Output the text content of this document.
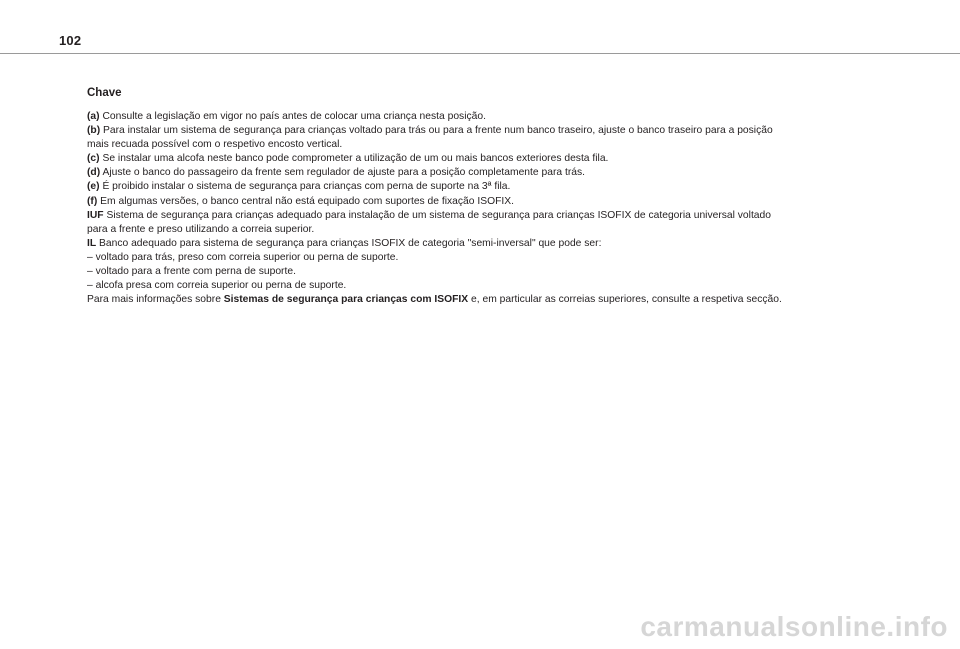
102
Chave
(a) Consulte a legislação em vigor no país antes de colocar uma criança nesta posição.
(b) Para instalar um sistema de segurança para crianças voltado para trás ou para a frente num banco traseiro, ajuste o banco traseiro para a posição
mais recuada possível com o respetivo encosto vertical.
(c) Se instalar uma alcofa neste banco pode comprometer a utilização de um ou mais bancos exteriores desta fila.
(d) Ajuste o banco do passageiro da frente sem regulador de ajuste para a posição completamente para trás.
(e) É proibido instalar o sistema de segurança para crianças com perna de suporte na 3ª fila.
(f) Em algumas versões, o banco central não está equipado com suportes de fixação ISOFIX.
IUF Sistema de segurança para crianças adequado para instalação de um sistema de segurança para crianças ISOFIX de categoria universal voltado
para a frente e preso utilizando a correia superior.
IL Banco adequado para sistema de segurança para crianças ISOFIX de categoria "semi-inversal" que pode ser:
– voltado para trás, preso com correia superior ou perna de suporte.
– voltado para a frente com perna de suporte.
– alcofa presa com correia superior ou perna de suporte.
Para mais informações sobre Sistemas de segurança para crianças com ISOFIX e, em particular as correias superiores, consulte a respetiva secção.
carmanualsonline.info
